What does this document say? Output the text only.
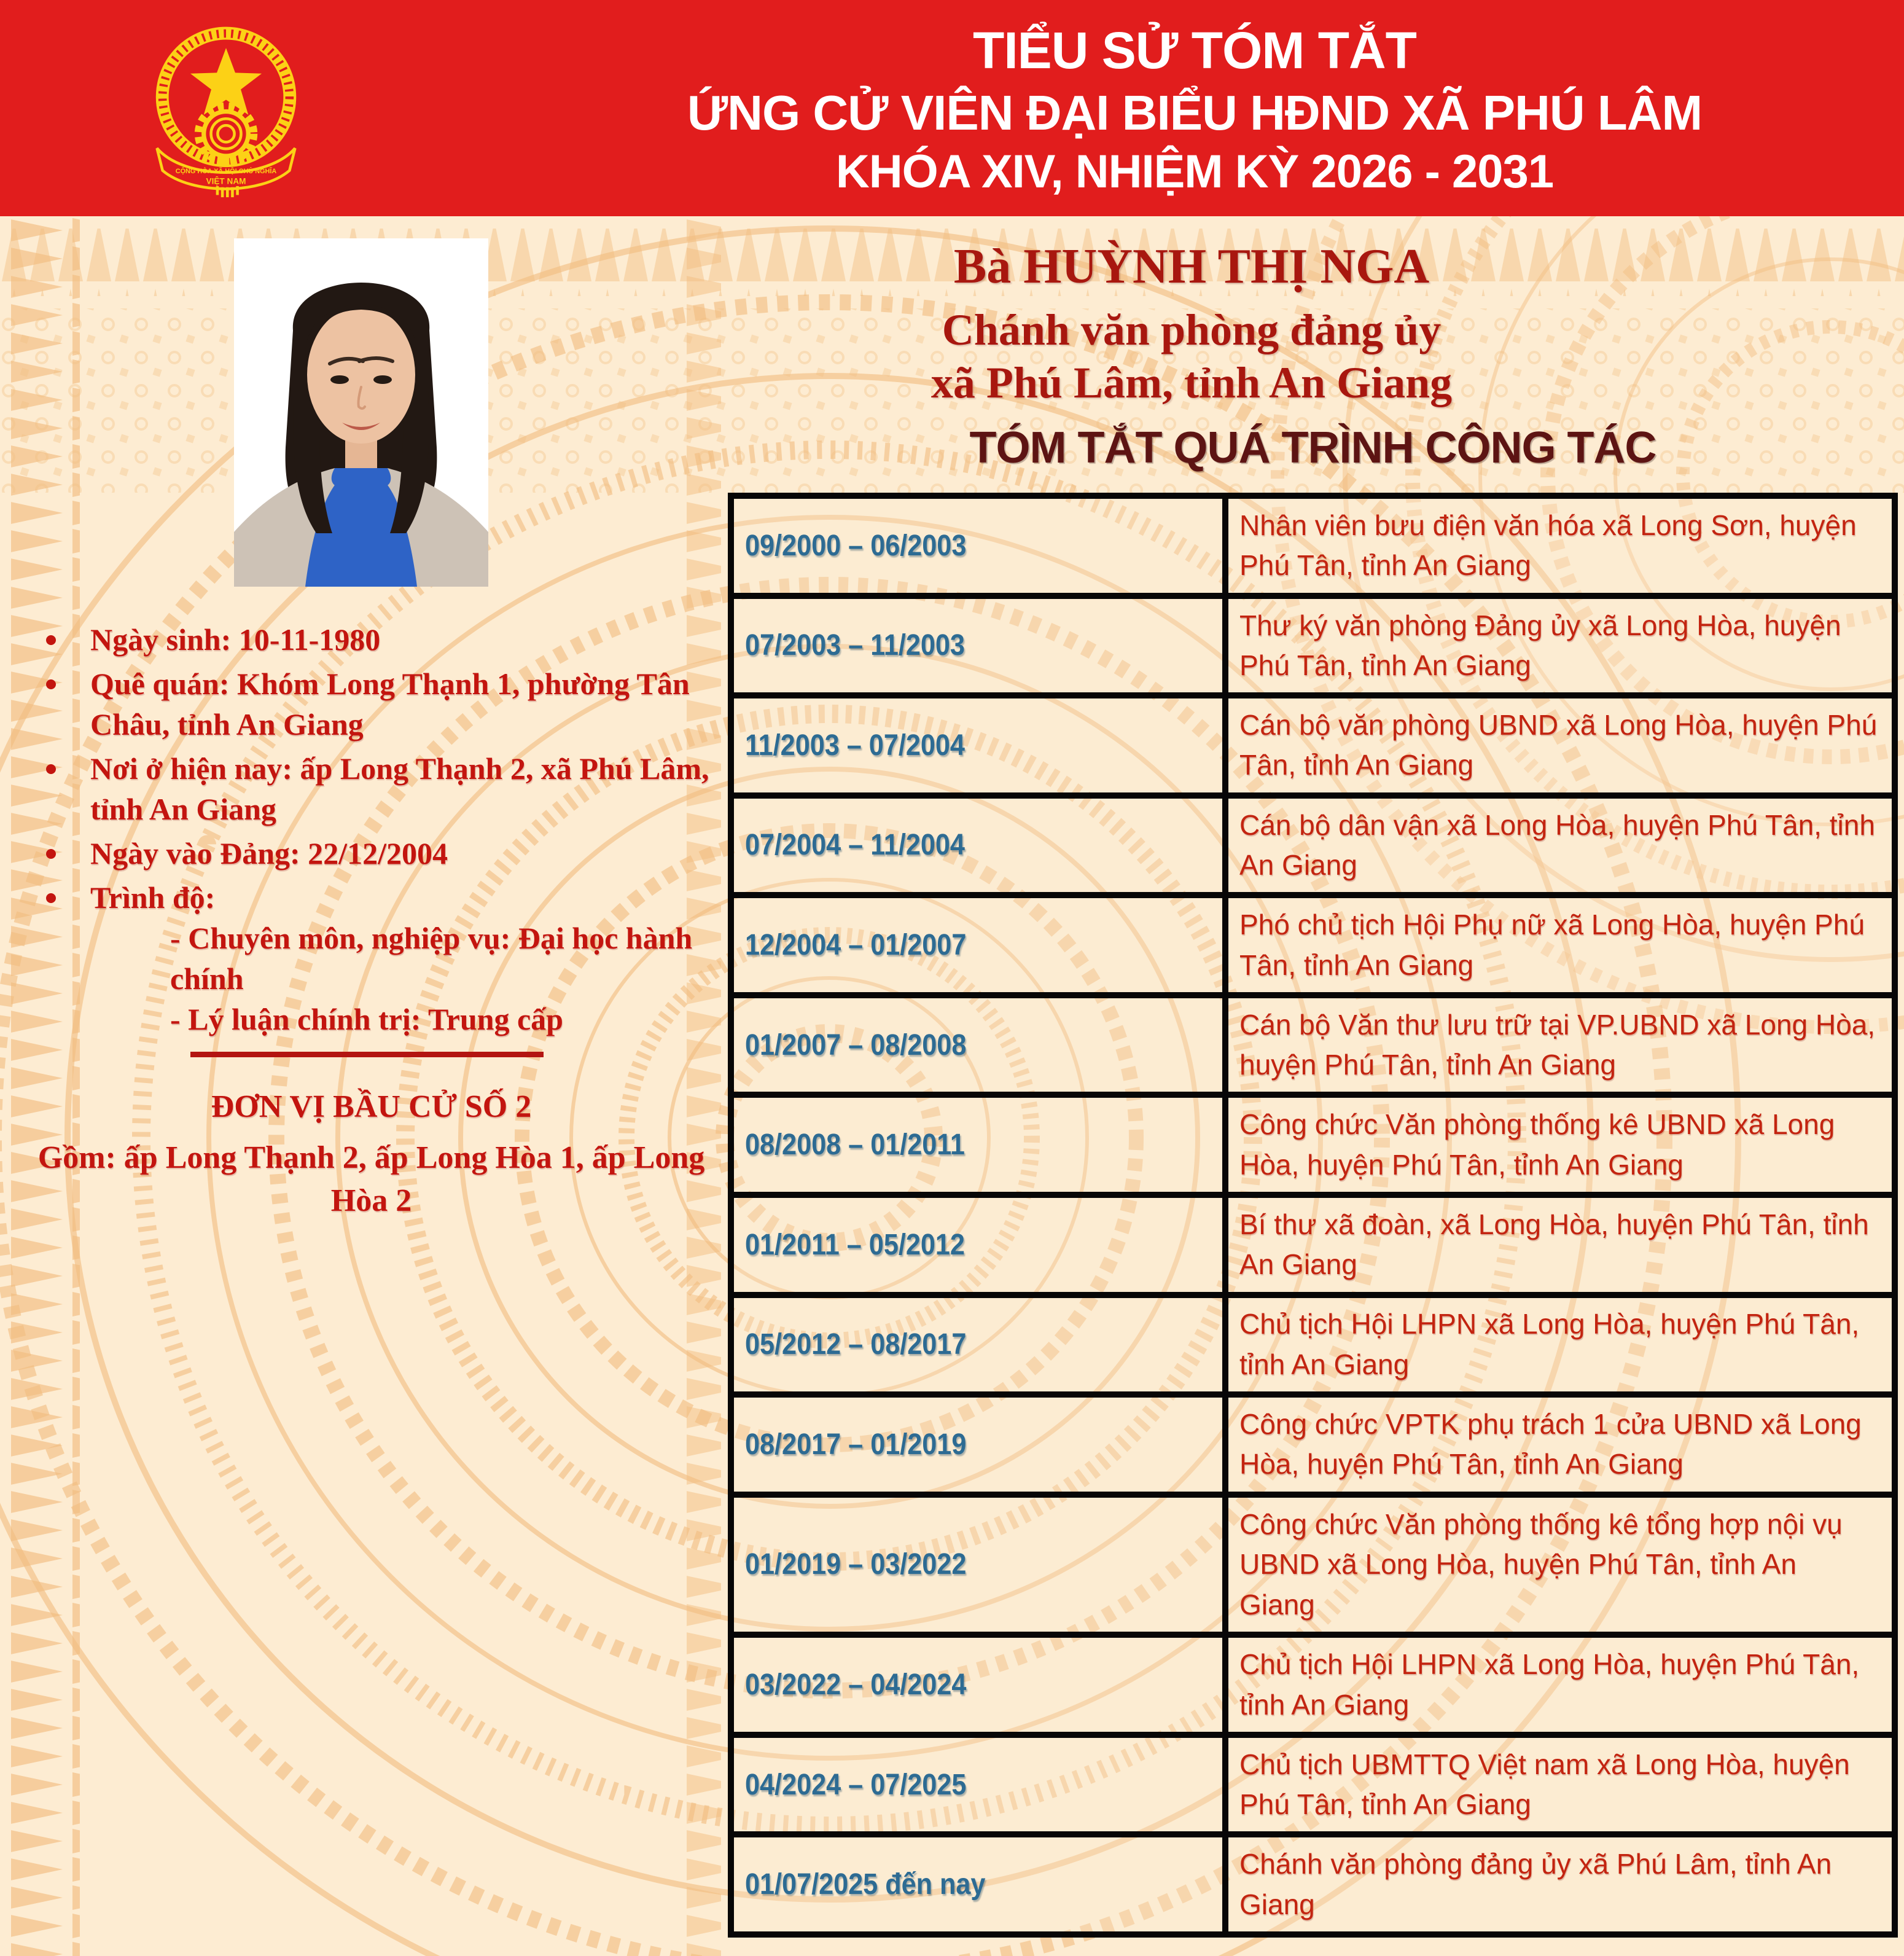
CỘNG HÒA XÃ HỘI CHỦ NGHĨA
VIỆT NAM
TIỂU SỬ TÓM TẮT
ỨNG CỬ VIÊN ĐẠI BIỂU HĐND XÃ PHÚ LÂM
KHÓA XIV, NHIỆM KỲ 2026 - 2031
Bà HUỲNH THỊ NGA
Chánh văn phòng đảng ủy
xã Phú Lâm, tỉnh An Giang
TÓM TẮT QUÁ TRÌNH CÔNG TÁC
Ngày sinh: 10-11-1980
Quê quán: Khóm Long Thạnh 1, phường Tân Châu, tỉnh An Giang
Nơi ở hiện nay: ấp Long Thạnh 2, xã Phú Lâm, tỉnh An Giang
Ngày vào Đảng: 22/12/2004
Trình độ:
- Chuyên môn, nghiệp vụ: Đại học hành chính
- Lý luận chính trị: Trung cấp
ĐƠN VỊ BẦU CỬ SỐ 2
Gồm: ấp Long Thạnh 2, ấp Long Hòa 1, ấp Long Hòa 2
09/2000 – 06/2003	Nhân viên bưu điện văn hóa xã Long Sơn, huyện Phú Tân, tỉnh An Giang

07/2003 – 11/2003	Thư ký văn phòng Đảng ủy xã Long Hòa, huyện Phú Tân, tỉnh An Giang

11/2003 – 07/2004	Cán bộ văn phòng UBND xã Long Hòa, huyện Phú Tân, tỉnh An Giang

07/2004 – 11/2004	Cán bộ dân vận xã Long Hòa, huyện Phú Tân, tỉnh An Giang

12/2004 – 01/2007	Phó chủ tịch Hội Phụ nữ xã Long Hòa, huyện Phú Tân, tỉnh An Giang

01/2007 – 08/2008	Cán bộ Văn thư lưu trữ tại VP.UBND xã Long Hòa, huyện Phú Tân, tỉnh An Giang

08/2008 – 01/2011	Công chức Văn phòng thống kê UBND xã Long Hòa, huyện Phú Tân, tỉnh An Giang

01/2011 – 05/2012	Bí thư xã đoàn, xã Long Hòa, huyện Phú Tân, tỉnh An Giang

05/2012 – 08/2017	Chủ tịch Hội LHPN xã Long Hòa, huyện Phú Tân, tỉnh An Giang

08/2017 – 01/2019	Công chức VPTK phụ trách 1 cửa UBND xã Long Hòa, huyện Phú Tân, tỉnh An Giang

01/2019 – 03/2022	Công chức Văn phòng thống kê tổng hợp nội vụ UBND xã Long Hòa, huyện Phú Tân, tỉnh An Giang

03/2022 – 04/2024	Chủ tịch Hội LHPN xã Long Hòa, huyện Phú Tân, tỉnh An Giang

04/2024 – 07/2025	Chủ tịch UBMTTQ Việt nam xã Long Hòa, huyện Phú Tân, tỉnh An Giang

01/07/2025 đến nay	Chánh văn phòng đảng ủy xã Phú Lâm, tỉnh An Giang
